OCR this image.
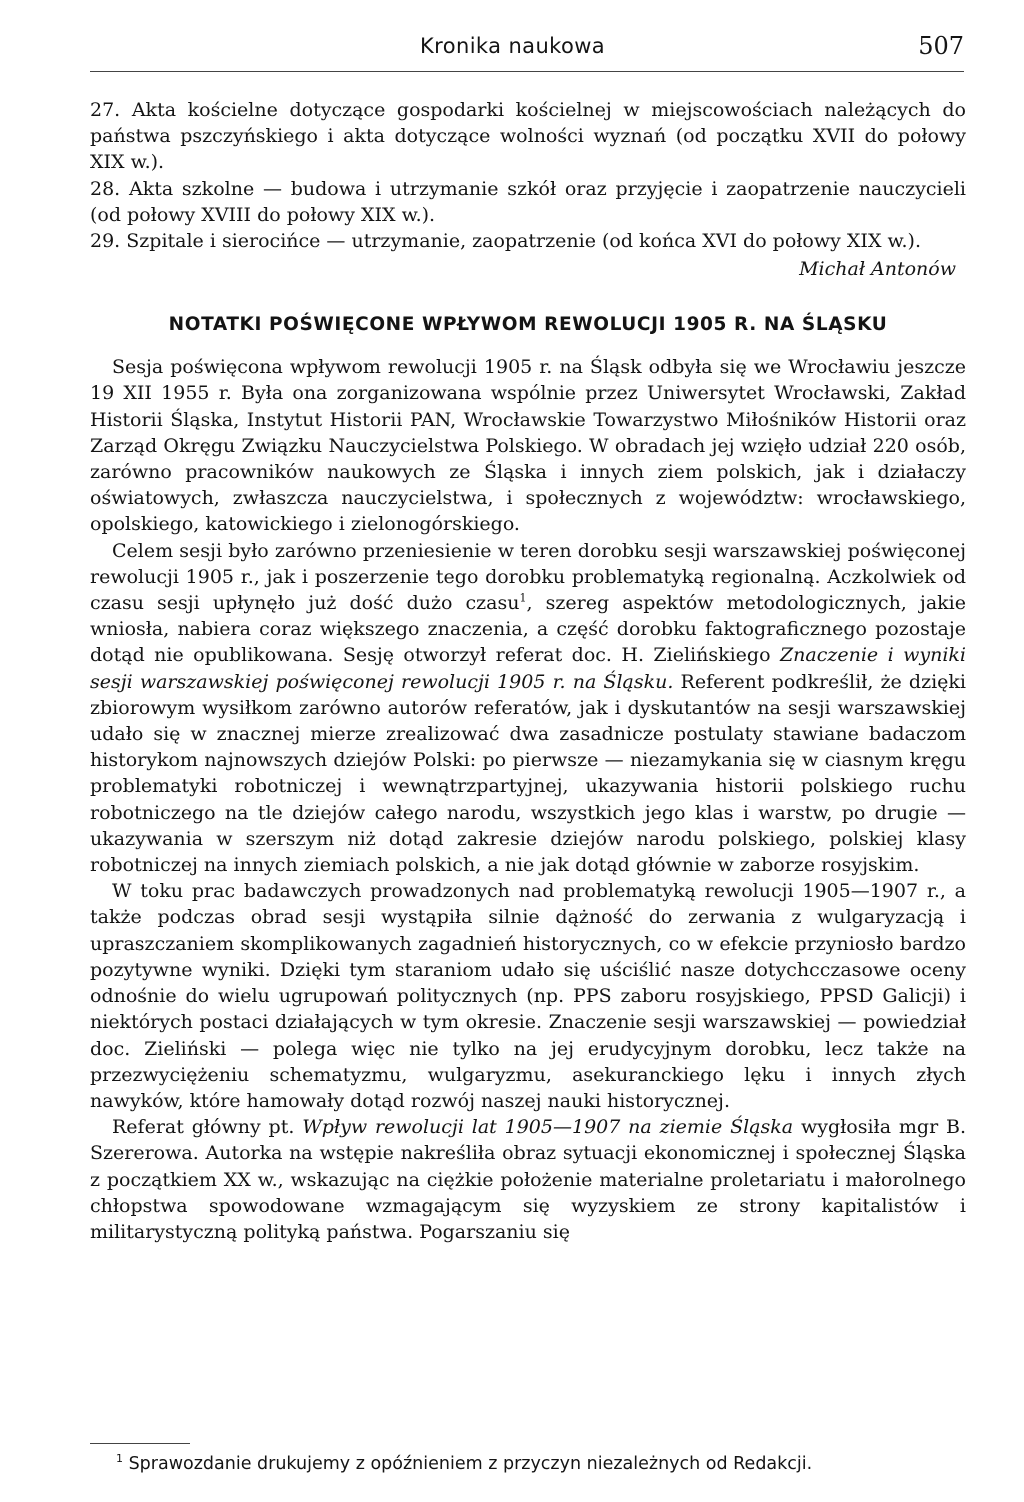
Kronika naukowa	507

27. Akta kościelne dotyczące gospodarki kościelnej w miejscowościach należących do państwa pszczyńskiego i akta dotyczące wolności wyznań (od początku XVII do połowy XIX w.).

28. Akta szkolne — budowa i utrzymanie szkół oraz przyjęcie i zaopatrzenie nauczycieli (od połowy XVIII do połowy XIX w.).

29. Szpitale i sierocińce — utrzymanie, zaopatrzenie (od końca XVI do połowy XIX w.).

Michał Antonów
NOTATKI POŚWIĘCONE WPŁYWOM REWOLUCJI 1905 R. NA ŚLĄSKU

Sesja poświęcona wpływom rewolucji 1905 r. na Śląsk odbyła się we Wrocławiu jeszcze 19 XII 1955 r. Była ona zorganizowana wspólnie przez Uniwersytet Wrocławski, Zakład Historii Śląska, Instytut Historii PAN, Wrocławskie Towarzystwo Miłośników Historii oraz Zarząd Okręgu Związku Nauczycielstwa Polskiego. W obradach jej wzięło udział 220 osób, zarówno pracowników naukowych ze Śląska i innych ziem polskich, jak i działaczy oświatowych, zwłaszcza nauczycielstwa, i społecznych z województw: wrocławskiego, opolskiego, katowickiego i zielonogórskiego.

Celem sesji było zarówno przeniesienie w teren dorobku sesji warszawskiej poświęconej rewolucji 1905 r., jak i poszerzenie tego dorobku problematyką regionalną. Aczkolwiek od czasu sesji upłynęło już dość dużo czasu$^1$, szereg aspektów metodologicznych, jakie wniosła, nabiera coraz większego znaczenia, a część dorobku faktograficznego pozostaje dotąd nie opublikowana. Sesję otworzył referat doc. H. Zielińskiego Znaczenie i wyniki sesji warszawskiej poświęconej rewolucji 1905 r. na Śląsku. Referent podkreślił, że dzięki zbiorowym wysiłkom zarówno autorów referatów, jak i dyskutantów na sesji warszawskiej udało się w znacznej mierze zrealizować dwa zasadnicze postulaty stawiane badaczom historykom najnowszych dziejów Polski: po pierwsze — niezamykania się w ciasnym kręgu problematyki robotniczej i wewnątrzpartyjnej, ukazywania historii polskiego ruchu robotniczego na tle dziejów całego narodu, wszystkich jego klas i warstw, po drugie — ukazywania w szerszym niż dotąd zakresie dziejów narodu polskiego, polskiej klasy robotniczej na innych ziemiach polskich, a nie jak dotąd głównie w zaborze rosyjskim.

W toku prac badawczych prowadzonych nad problematyką rewolucji 1905—1907 r., a także podczas obrad sesji wystąpiła silnie dążność do zerwania z wulgaryzacją i upraszczaniem skomplikowanych zagadnień historycznych, co w efekcie przyniosło bardzo pozytywne wyniki. Dzięki tym staraniom udało się uściślić nasze dotychcczasowe oceny odnośnie do wielu ugrupowań politycznych (np. PPS zaboru rosyjskiego, PPSD Galicji) i niektórych postaci działających w tym okresie. Znaczenie sesji warszawskiej — powiedział doc. Zieliński — polega więc nie tylko na jej erudycyjnym dorobku, lecz także na przezwyciężeniu schematyzmu, wulgaryzmu, asekuranckiego lęku i innych złych nawyków, które hamowały dotąd rozwój naszej nauki historycznej.

Referat główny pt. Wpływ rewolucji lat 1905—1907 na ziemie Śląska wygłosiła mgr B. Szererowa. Autorka na wstępie nakreśliła obraz sytuacji ekonomicznej i społecznej Śląska z początkiem XX w., wskazując na ciężkie położenie materialne proletariatu i małorolnego chłopstwa spowodowane wzmagającym się wyzyskiem ze strony kapitalistów i militarystyczną polityką państwa. Pogarszaniu się

$^1$ Sprawozdanie drukujemy z opóźnieniem z przyczyn niezależnych od Redakcji.
